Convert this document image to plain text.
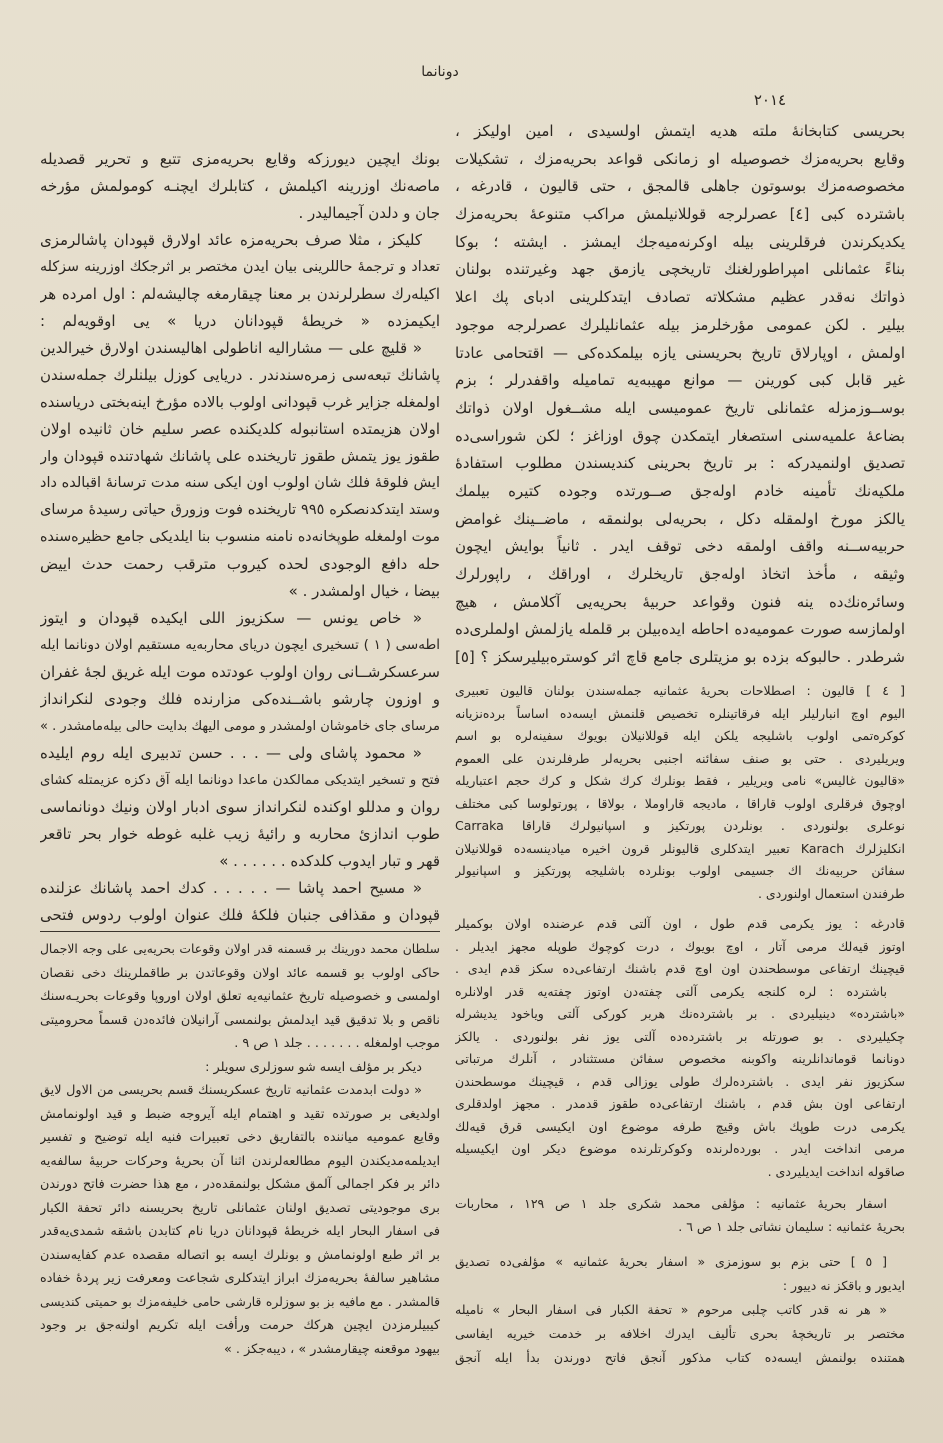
دونانما
٢٠١٤
بحریسی کتابخانهٔ ملته هدیه ایتمش اولسیدی ، امین اولیکز ،
وقایع بحریه‌مزك خصوصیله او زمانکی قواعد بحریه‌مزك ، تشکیلات
مخصوصه‌مزك بوسوتون جاهلی قالمجق ، حتی قالیون ، قادرغه ،
باشترده کبی [٤] عصرلرجه قوللانیلمش مراکب متنوعهٔ بحریه‌مزك
یکدیکرندن فرقلرینی بیله اوکرنه‌میه‌جك ایمشز . ایشته ؛ بوکا
بناءً عثمانلی امپراطورلغنك تاریخچی یازمق جهد وغیرتنده بولنان
ذواتك نه‌قدر عظیم مشکلاته تصادف ایتدکلرینی ادبای پك اعلا
بیلیر . لکن عمومی مؤرخلرمز بیله عثمانلیلرك عصرلرجه موجود
اولمش ، اوپارلاق تاریخ بحریسنی یازه بیلمکده‌کی — اقتحامی عادتا
غیر قابل کبی کورینن — موانع مهیبه‌یه تمامیله واقفدرلر ؛ بزم
بوســوزمزله عثمانلی تاریخ عمومیسی ایله مشــغول اولان ذواتك
بضاعهٔ علمیه‌سنی استصغار ایتمکدن چوق اوزاغز ؛ لکن شوراسی‌ده
تصدیق اولنمیدرکه : بر تاریخ بحرینی کندیسندن مطلوب استفادهٔ
ملکیه‌نك تأمینه خادم اوله‌جق صــورتده وجوده کتیره بیلمك
یالکز مورخ اولمقله دکل ، بحریه‌لی بولنمقه ، ماضــینك غوامض
حربیه‌ســنه واقف اولمقه دخی توقف ایدر . ثانیاً بوایش ایچون
وثیقه ، مأخذ اتخاذ اوله‌جق تاریخلرك ، اوراقك ، راپورلرك
وسائره‌نك‌ده ینه فنون وقواعد حربیهٔ بحریه‌یی آکلامش ، هیچ
اولمازسه صورت عمومیه‌ده احاطه ایده‌بیلن بر قلمله یازلمش اولملری‌ده
شرطدر . حالبوکه بزده بو مزیتلری جامع قاچ اثر کوستره‌بیلیرسکز ؟ [٥]
[ ٤ ] قالیون : اصطلاحات بحریهٔ عثمانیه جمله‌سندن بولنان قالیون تعبیری
الیوم اوچ انبارلیلر ایله فرقاتینلره تخصیص قلنمش ایسه‌ده اساساً برده‌نزیانه
کوکره‌تمی اولوب باشلیجه یلکن ایله قوللانیلان بویوك سفینه‌لره بو اسم
ویریلیردی . حتی بو صنف سفائنه اجنبی بحریه‌لر طرفلرندن علی العموم
«قالیون غالیس» نامی ویریلیر ، فقط بونلرك کرك شکل و کرك حجم اعتباریله
اوچوق فرقلری اولوب قاراقا ، مادیجه قاراوملا ، بولاقا ، پورتولوسا کبی مختلف
نوعلری بولنوردی . بونلردن پورتکیز و اسپانیولرك قاراقا Carraka
انکلیزلرك Karach تعبیر ایتدکلری قالیونلر قرون اخیره میادینسه‌ده قوللانیلان
سفائن حربیه‌نك اك جسیمی اولوب بونلرده باشلیجه پورتکیز و اسپانیولر
طرفندن استعمال اولنوردی .
قادرغه : یوز یکرمی قدم طول ، اون آلتی قدم عرضنده اولان بوکمیلر
اوتوز قیه‌لك مرمی آتار ، اوچ بویوك ، درت کوچوك طوپله مجهز ایدیلر .
قیچینك ارتفاعی موسطحندن اون اوچ قدم باشنك ارتفاعی‌ده سکز قدم ایدی .
باشترده : لره کلنجه یکرمی آلتی چفته‌دن اوتوز چفته‌یه قدر اولانلره
«باشترده» دینیلیردی . بر باشترده‌نك هربر کورکی آلتی ویاخود یدیشرله
چکیلیردی . بو صورتله بر باشترده‌ده آلتی یوز نفر بولنوردی . یالکز
دونانما قوماندانلرینه واکوبنه مخصوص سفائن مستثنادر ، آنلرك مرتباتی
سکزیوز نفر ایدی . باشترده‌لرك طولی یوزالی قدم ، قیچینك موسطحندن
ارتفاعی اون بش قدم ، باشنك ارتفاعی‌ده طقوز قدمدر . مجهز اولدقلری
یکرمی درت طوپك باش وقیچ طرفه موضوع اون ایکیسی قرق قیه‌لك
مرمی انداخت ایدر . بورده‌لرنده وکوکرتلرنده موضوع دیکر اون ایکیسیله
صاقوله انداخت ایدیلیردی .
اسفار بحریهٔ عثمانیه : مؤلفی محمد شکری جلد ١ ص ١٢٩ ، محاربات
بحریهٔ عثمانیه : سلیمان نشاتی جلد ١ ص ٦ .
[ ٥ ] حتی بزم بو سوزمزی « اسفار بحریهٔ عثمانیه » مؤلفی‌ده تصدیق
ایدیور و باقکز نه دییور :
« هر نه قدر کاتب چلبی مرحوم « تحفة الکبار فی اسفار البحار » نامیله
مختصر بر تاریخچهٔ بحری تألیف ایدرك اخلافه بر خدمت خیریه ایفاسی
همتنده بولنمش ایسه‌ده کتاب مذکور آنجق فاتح دورندن بدأ ایله آنجق
بونك ایچین دیورزکه وقایع بحریه‌مزی تتبع و تحریر قصدیله
ماصه‌نك اوزرینه اکیلمش ، کتابلرك ایچنـه کومولمش مؤرخه
جان و دلدن آجیمالیدر .
کلیکز ، مثلا صرف بحریه‌مزه عائد اولارق قپودان پاشالرمزی
تعداد و ترجمهٔ حاللرینی بیان ایدن مختصر بر اثرجکك اوزرینه سزکله
اکیله‌رك سطرلرندن بر معنا چیقارمغه چالیشه‌لم : اول امرده هر
ایکیمزده « خریطهٔ قپودانان دریا » یی اوقویه‌لم :
« قلیچ علی — مشارالیه اناطولی اهالیسندن اولارق خیرالدین
پاشانك تبعه‌سی زمره‌سندندر . دریایی کوزل بیلنلرك جمله‌سندن
اولمغله جزایر غرب قپودانی اولوب بالاده مؤرخ اینه‌بختی دریاسنده
اولان هزیمتده استانبوله کلدیکنده عصر سلیم خان ثانیده اولان
طقوز یوز یتمش طقوز تاریخنده علی پاشانك شهادتنده قپودان وار
ایش فلوقهٔ فلك شان اولوب اون ایکی سنه مدت ترسانهٔ اقبالده داد
وستد ایتدکدنصکره ٩٩٥ تاریخنده فوت وزورق حیاتی رسیدهٔ مرسای
موت اولمغله طوپخانه‌ده نامنه منسوب بنا ایلدیکی جامع حظیره‌سنده
حله دافع الوجودی لحده کیروب مترقب رحمت حدث اییض
بیضا ، خیال اولمشدر . »
« خاص یونس — سکزیوز اللی ایکیده قپودان و ایتوز
اطه‌سی ( ١ ) تسخیری ایچون دریای محاربه‌یه مستقیم اولان دونانما ایله
سرعسکرشــانی روان اولوب عودتده موت ایله غریق لجهٔ غفران
و اوزون چارشو باشــنده‌کی مزارنده فلك وجودی لنکرانداز
مرسای جای خاموشان اولمشدر و مومی الیهك بدایت حالی بیله‌مامشدر . »
« محمود پاشای ولی — . . . حسن تدبیری ایله روم ایلیده
فتح و تسخیر ایتدیکی ممالکدن ماعدا دونانما ایله آق دکزه عزیمتله کشای
روان و مدللو اوکنده لنکرانداز سوی ادبار اولان ونیك دونانماسی
طوب اندازیٔ محاربه و رائیهٔ زیب غلبه غوطه خوار بحر تاقعر
قهر و تبار ایدوب کلدکده . . . . . . »
« مسیح احمد پاشا — . . . . . کدك احمد پاشانك عزلنده
قپودان و مقذافی جنبان فلکهٔ فلك عنوان اولوب ردوس فتحی
سلطان محمد دورینك بر قسمنه قدر اولان وقوعات بحریه‌یی علی وجه الاجمال
حاکی اولوب بو قسمه عائد اولان وقوعاتدن بر طاقملرینك دخی نقصان
اولمسی و خصوصیله تاریخ عثمانیه‌یه تعلق اولان اوروپا وقوعات بحریـه‌سنك
ناقص و بلا تدقیق قید ایدلمش بولنمسی آرانیلان فائده‌دن قسماً محرومیتی
موجب اولمغله . . . . . . . جلد ١ ص ٩ .
دیکر بر مؤلف ایسه شو سوزلری سویلر :
« دولت ابدمدت عثمانیه تاریخ عسکریسنك قسم بحریسی من الاول لایق
اولدیغی بر صورتده تقید و اهتمام ایله آیروجه ضبط و قید اولونمامش
وقایع عمومیه میاننده بالتفاریق دخی تعبیرات فنیه ایله توضیح و تفسیر
ایدیلمه‌مدیکندن الیوم مطالعه‌لرندن اثنا آن بحریهٔ وحرکات حربیهٔ سالفه‌یه
دائر بر فکر اجمالی آلمق مشکل بولنمقده‌در ، مع هذا حضرت فاتح دورندن
بری موجودیتی تصدیق اولنان عثمانلی تاریخ بحریسنه دائر تحفة الکبار
فی اسفار البحار ایله خریطهٔ قپودانان دریا نام کتابدن باشقه شمدی‌یه‌قدر
بر اثر طبع اولونمامش و بونلرك ایسه بو اتصاله مقصده عدم کفایه‌سندن
مشاهیر سالفهٔ بحریه‌مزك ابراز ایتدکلری شجاعت ومعرفت زیر پردهٔ خفاده
قالمشدر . مع مافیه بز بو سوزلره قارشی حامی خلیفه‌مزك بو حمیتی کندیسی
کیبیلرمزدن ایچین هرکك حرمت ورأفت ایله تکریم اولنه‌جق بر وجود
بیهود موقعنه چیقارمشدر » ، دیبه‌جکز . »
